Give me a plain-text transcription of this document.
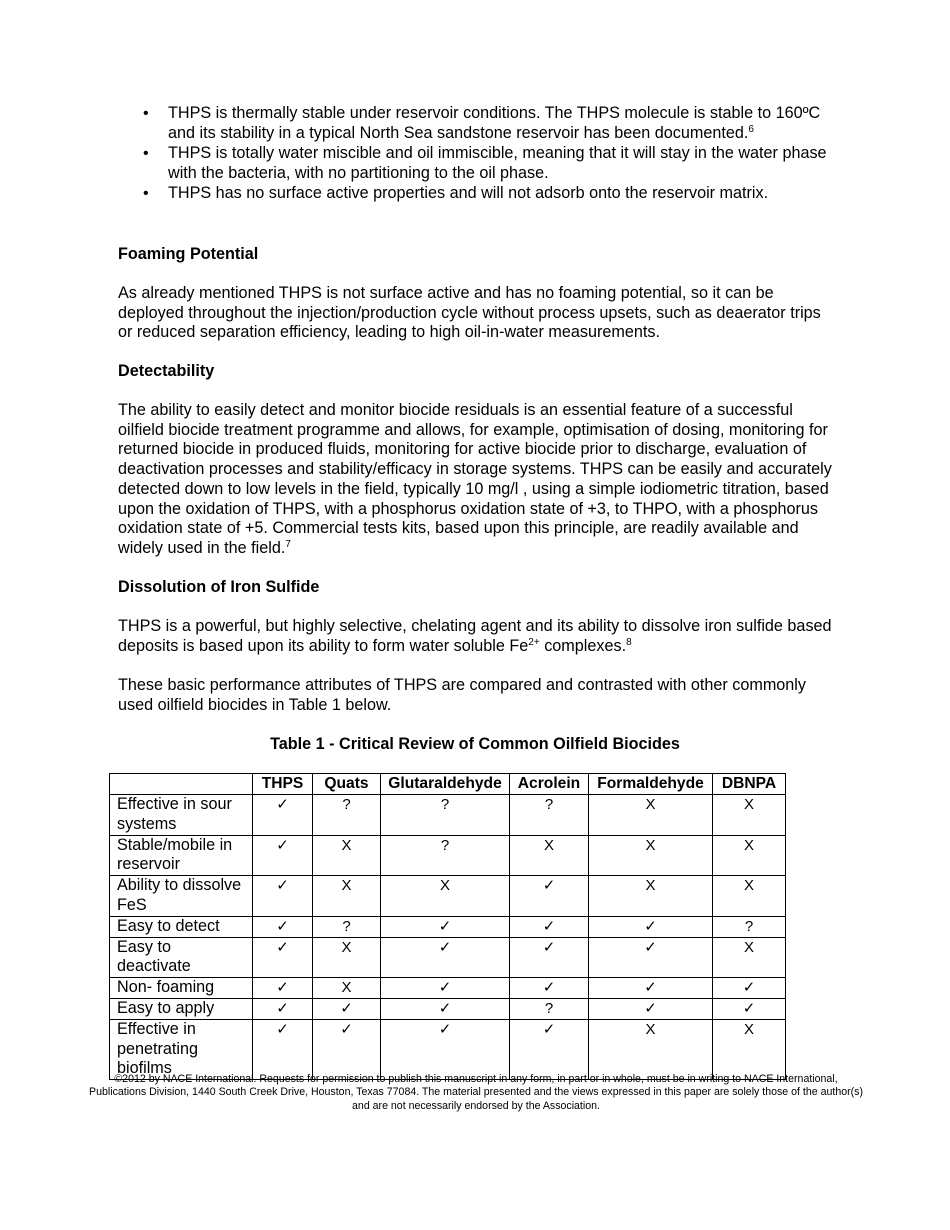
• THPS is thermally stable under reservoir conditions. The THPS molecule is stable to 160ºC and its stability in a typical North Sea sandstone reservoir has been documented.$^6$
• THPS is totally water miscible and oil immiscible, meaning that it will stay in the water phase with the bacteria, with no partitioning to the oil phase.
• THPS has no surface active properties and will not adsorb onto the reservoir matrix.
Foaming Potential

As already mentioned THPS is not surface active and has no foaming potential, so it can be deployed throughout the injection/production cycle without process upsets, such as deaerator trips or reduced separation efficiency, leading to high oil-in-water measurements.

Detectability

The ability to easily detect and monitor biocide residuals is an essential feature of a successful oilfield biocide treatment programme and allows, for example, optimisation of dosing, monitoring for returned biocide in produced fluids, monitoring for active biocide prior to discharge, evaluation of deactivation processes and stability/efficacy in storage systems. THPS can be easily and accurately detected down to low levels in the field, typically 10 mg/l , using a simple iodiometric titration, based upon the oxidation of THPS, with a phosphorus oxidation state of +3, to THPO, with a phosphorus oxidation state of +5. Commercial tests kits, based upon this principle, are readily available and widely used in the field.$^7$

Dissolution of Iron Sulfide

THPS is a powerful, but highly selective, chelating agent and its ability to dissolve iron sulfide based deposits is based upon its ability to form water soluble $Fe^{2+}$ complexes.$^8$

These basic performance attributes of THPS are compared and contrasted with other commonly used oilfield biocides in Table 1 below.

Table 1 - Critical Review of Common Oilfield Biocides
	THPS	Quats	Glutaraldehyde	Acrolein	Formaldehyde	DBNPA
Effective in sour systems	✓	?	?	?	X	X
Stable/mobile in reservoir	✓	X	?	X	X	X
Ability to dissolve FeS	✓	X	X	✓	X	X
Easy to detect	✓	?	✓	✓	✓	?
Easy to deactivate	✓	X	✓	✓	✓	X
Non- foaming	✓	X	✓	✓	✓	✓
Easy to apply	✓	✓	✓	?	✓	✓
Effective in penetrating biofilms	✓	✓	✓	✓	X	X
©2012 by NACE International. Requests for permission to publish this manuscript in any form, in part or in whole, must be in writing to NACE International, Publications Division, 1440 South Creek Drive, Houston, Texas 77084. The material presented and the views expressed in this paper are solely those of the author(s) and are not necessarily endorsed by the Association.
